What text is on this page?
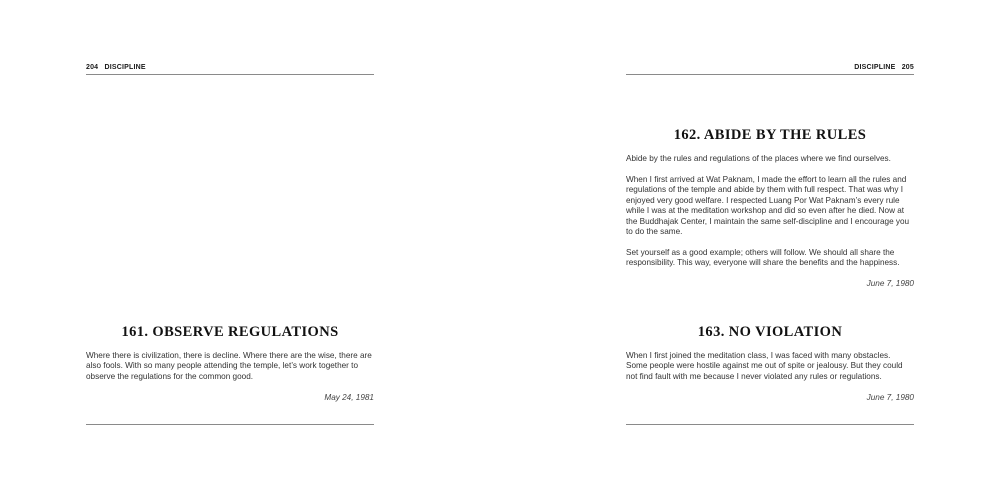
204 DISCIPLINE
161. OBSERVE REGULATIONS

Where there is civilization, there is decline. Where there are the wise, there are also fools. With so many people attending the temple, let’s work together to observe the regulations for the common good.

May 24, 1981
DISCIPLINE 205
162. ABIDE BY THE RULES

Abide by the rules and regulations of the places where we find ourselves.

When I first arrived at Wat Paknam, I made the effort to learn all the rules and regulations of the temple and abide by them with full respect. That was why I enjoyed very good welfare. I respected Luang Por Wat Paknam’s every rule while I was at the meditation workshop and did so even after he died. Now at the Buddhajak Center, I maintain the same self-discipline and I encourage you to do the same.

Set yourself as a good example; others will follow. We should all share the responsibility. This way, everyone will share the benefits and the happiness.

June 7, 1980
163. NO VIOLATION

When I first joined the meditation class, I was faced with many obstacles. Some people were hostile against me out of spite or jealousy. But they could not find fault with me because I never violated any rules or regulations.

June 7, 1980
